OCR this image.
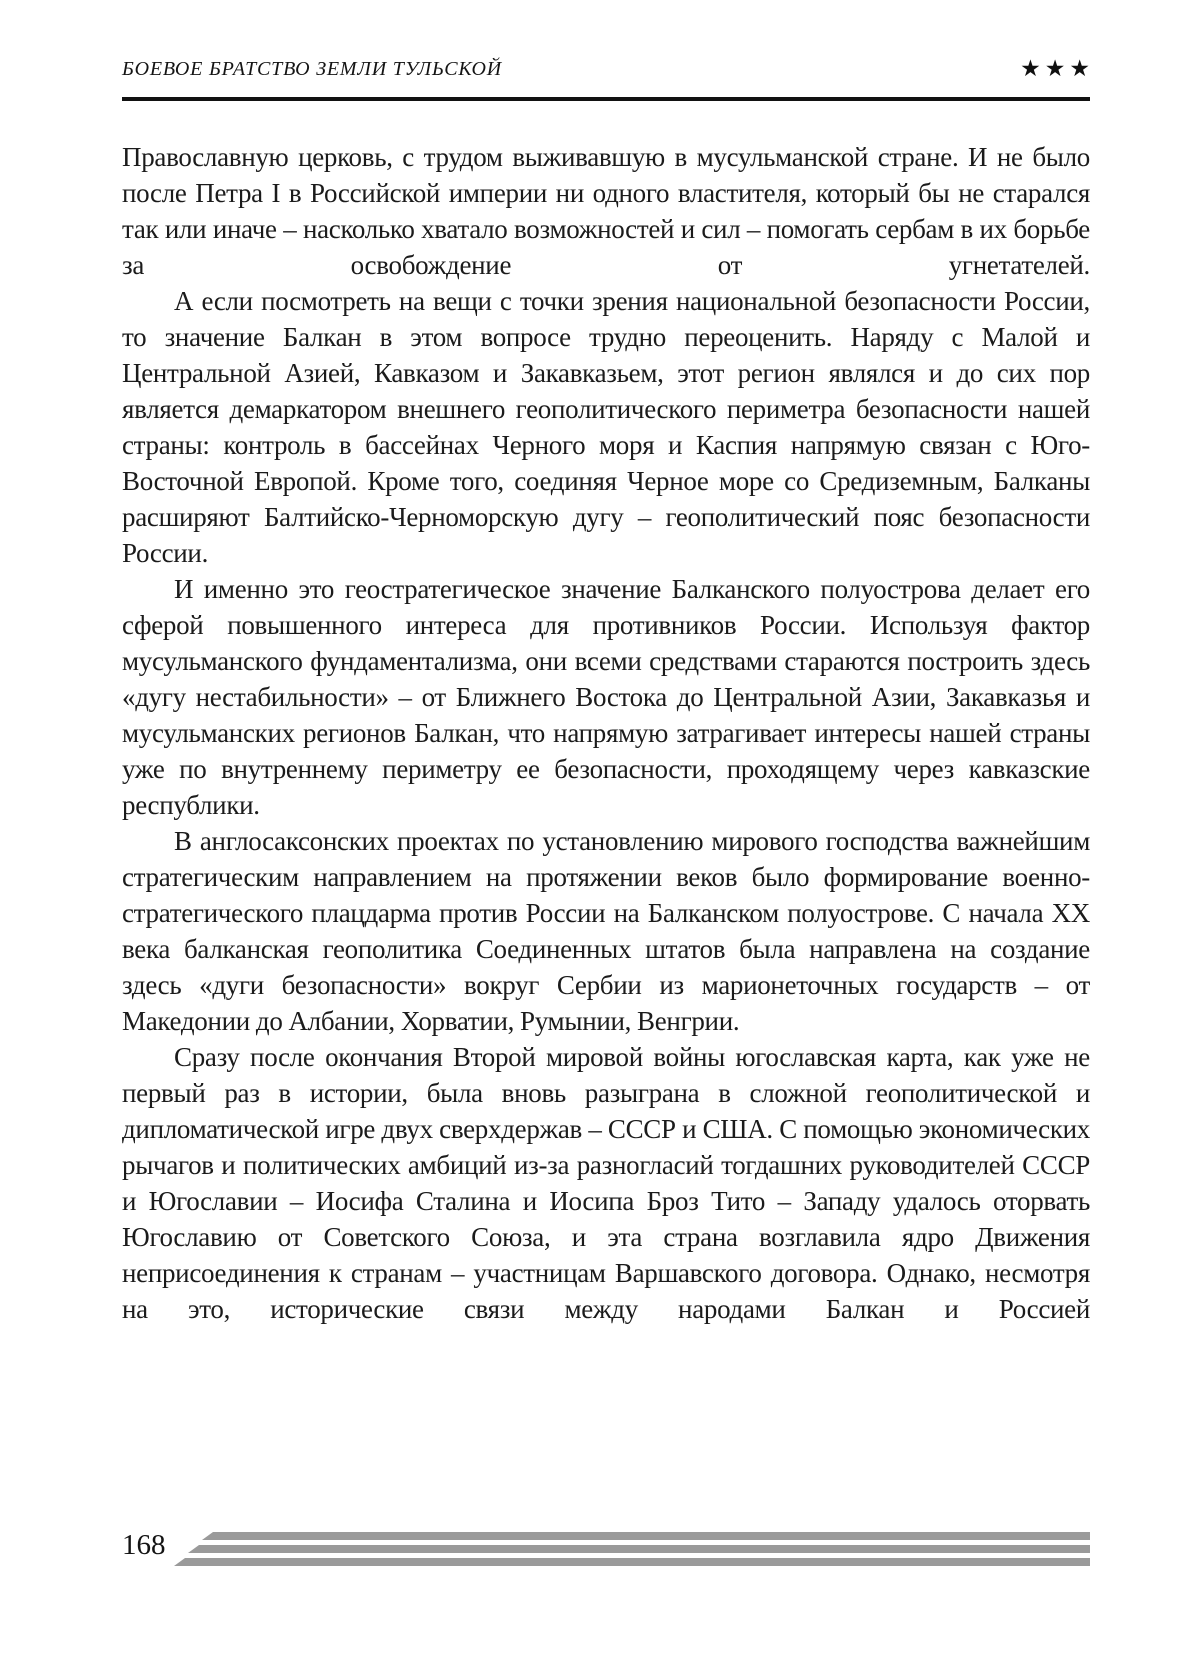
БОЕВОЕ БРАТСТВО ЗЕМЛИ ТУЛЬСКОЙ	★★★

Православную церковь, с трудом выживавшую в мусульманской стране. И не было после Петра I в Российской империи ни одного властителя, который бы не старался так или иначе – насколько хватало возможностей и сил – помогать сербам в их борьбе за освобождение от угнетателей.

А если посмотреть на вещи с точки зрения национальной безопасности России, то значение Балкан в этом вопросе трудно переоценить. Наряду с Малой и Центральной Азией, Кавказом и Закавказьем, этот регион являлся и до сих пор является демаркатором внешнего геополитического периметра безопасности нашей страны: контроль в бассейнах Черного моря и Каспия напрямую связан с Юго-Восточной Европой. Кроме того, соединяя Черное море со Средиземным, Балканы расширяют Балтийско-Черноморскую дугу – геополитический пояс безопасности России.

И именно это геостратегическое значение Балканского полуострова делает его сферой повышенного интереса для противников России. Используя фактор мусульманского фундаментализма, они всеми средствами стараются построить здесь «дугу нестабильности» – от Ближнего Востока до Центральной Азии, Закавказья и мусульманских регионов Балкан, что напрямую затрагивает интересы нашей страны уже по внутреннему периметру ее безопасности, проходящему через кавказские республики.

В англосаксонских проектах по установлению мирового господства важнейшим стратегическим направлением на протяжении веков было формирование военно-стратегического плацдарма против России на Балканском полуострове. С начала XX века балканская геополитика Соединенных штатов была направлена на создание здесь «дуги безопасности» вокруг Сербии из марионеточных государств – от Македонии до Албании, Хорватии, Румынии, Венгрии.

Сразу после окончания Второй мировой войны югославская карта, как уже не первый раз в истории, была вновь разыграна в сложной геополитической и дипломатической игре двух сверхдержав – СССР и США. С помощью экономических рычагов и политических амбиций из-за разногласий тогдашних руководителей СССР и Югославии – Иосифа Сталина и Иосипа Броз Тито – Западу удалось оторвать Югославию от Советского Союза, и эта страна возглавила ядро Движения неприсоединения к странам – участницам Варшавского договора. Однако, несмотря на это, исторические связи между народами Балкан и Россией

168
